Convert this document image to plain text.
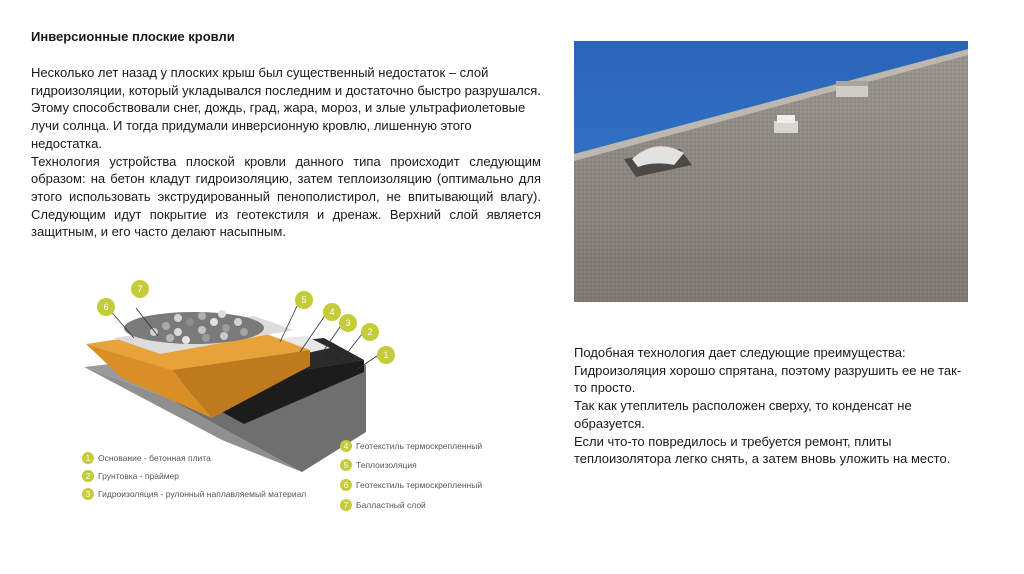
Инверсионные плоские кровли

Несколько лет назад у плоских крыш был существенный недостаток – слой гидроизоляции, который укладывался последним и достаточно быстро разрушался. Этому способствовали снег, дождь, град, жара, мороз, и злые ультрафиолетовые лучи солнца. И тогда придумали инверсионную кровлю, лишенную этого недостатка.

Технология устройства плоской кровли данного типа происходит следующим образом: на бетон кладут гидроизоляцию, затем теплоизоляцию (оптимально для этого использовать экструдированный пенополистирол, не впитывающий влагу). Следующим идут покрытие из геотекстиля и дренаж. Верхний слой является защитным, и его часто делают насыпным.

6
7
5
4
3
2
1
1 Основание - бетонная плита
2 Грунтовка - праймер
3 Гидроизоляция - рулонный наплавляемый материал
4 Геотекстиль термоскрепленный
5 Теплоизоляция
6 Геотекстиль термоскрепленный
7 Балластный слой

Подобная технология дает следующие преимущества:

Гидроизоляция хорошо спрятана, поэтому разрушить ее не так-то просто.

Так как утеплитель расположен сверху, то конденсат не образуется.

Если что-то повредилось и требуется ремонт, плиты теплоизолятора легко снять, а затем вновь уложить на место.
